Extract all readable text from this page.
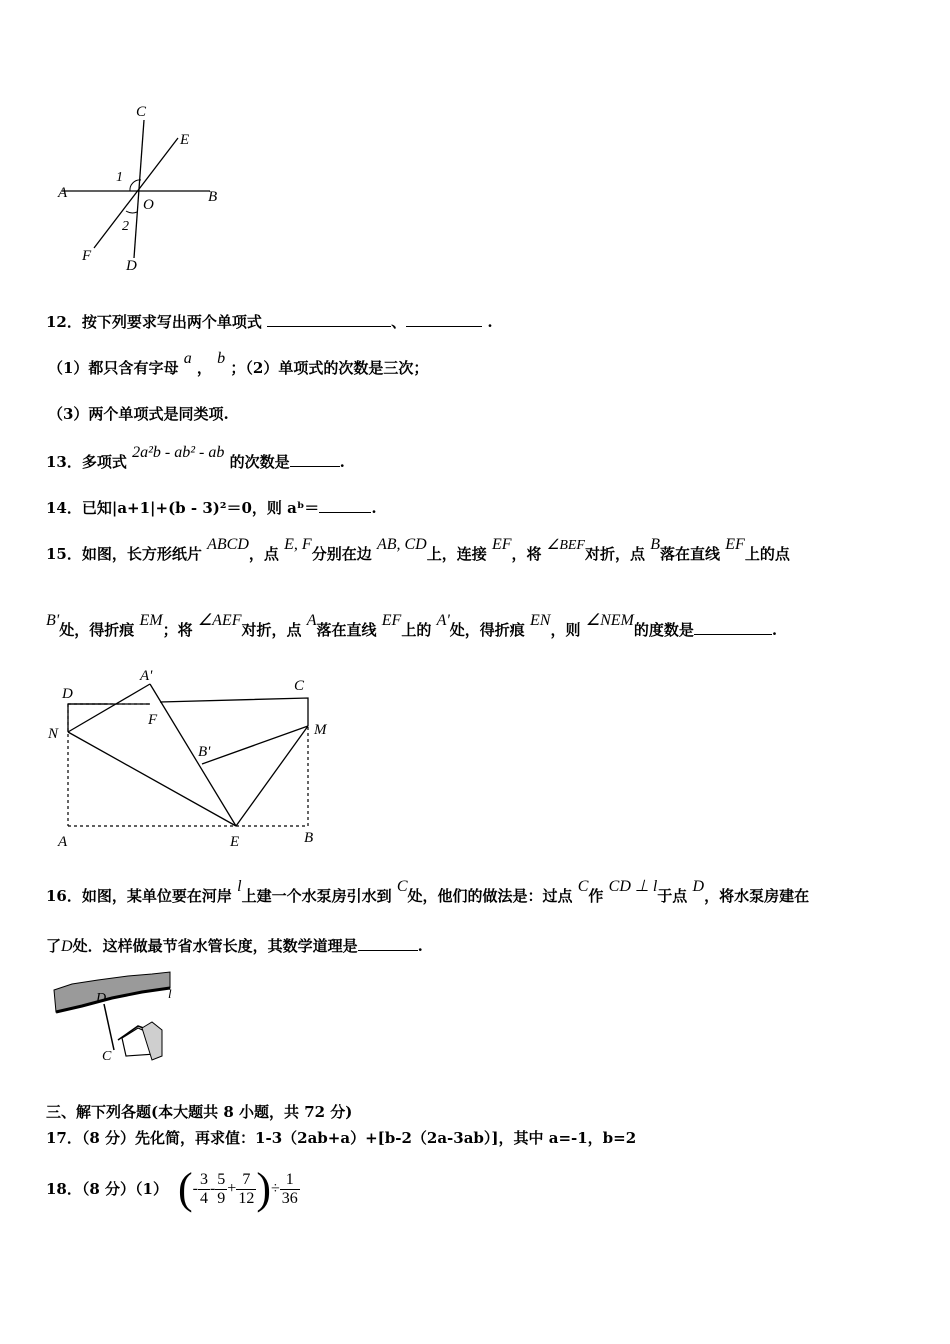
C
E
1
A
O	B
2
F
D
12．按下列要求写出两个单项式	、	.
（1）都只含有字母 a ， b ；（2）单项式的次数是三次；
（3）两个单项式是同类项.
13．多项式 2a²b - ab² - ab 的次数是	.
14．已知|a+1|+(b - 3)²＝0，则 aᵇ＝	.
15．如图，长方形纸片 ABCD，点 E, F分别在边 AB, CD上，连接 EF，将 ∠BEF对折，点 B落在直线 EF上的点
B'处，得折痕 EM；将 ∠AEF对折，点 A落在直线 EF上的 A'处，得折痕 EN，则 ∠NEM的度数是	.
D
A'
C
F
N	M
B'
A	E	B
16．如图，某单位要在河岸 l上建一个水泵房引水到 C处，他们的做法是：过点 C作 CD ⊥ l于点 D，将水泵房建在
了D处．这样做最节省水管长度，其数学道理是	.
D	l
C
三、解下列各题(本大题共 8 小题，共 72 分)
17．（8 分）先化简，再求值：1-3（2ab+a）+[b-2（2a-3ab）]，其中 a=-1，b=2
18．（8 分）（1） ( - $\frac{3}{4} - \frac{5}{9} + \frac{7}{12}$ ) ÷ $\frac{1}{36}$
